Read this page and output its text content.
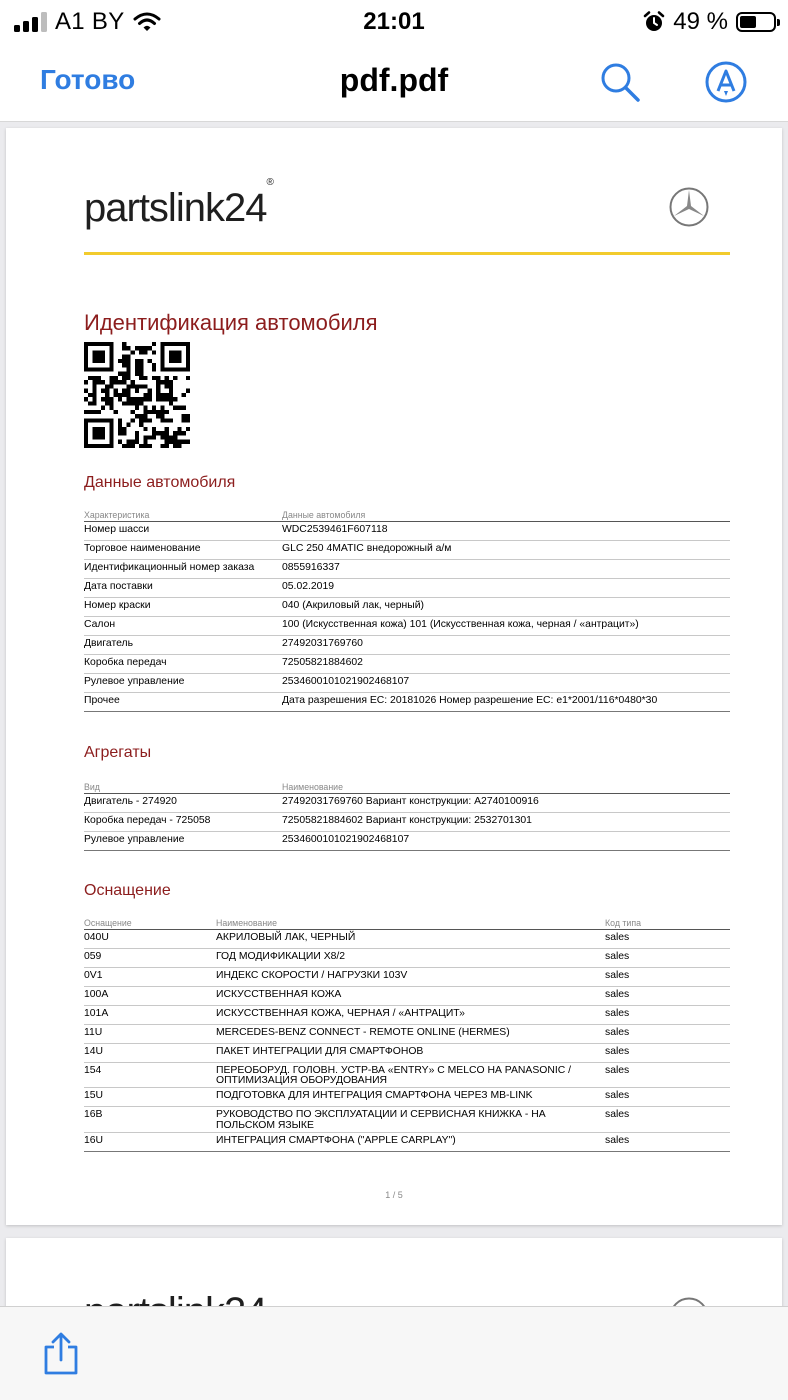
A1 BY	21:01	49 %
Готово	pdf.pdf
partslink24®
Идентификация автомобиля
Данные автомобиля
Характеристика	Данные автомобиля
Номер шасси	WDC2539461F607118
Торговое наименование	GLC 250 4MATIC внедорожный а/м
Идентификационный номер заказа	0855916337
Дата поставки	05.02.2019
Номер краски	040 (Акриловый лак, черный)
Салон	100 (Искусственная кожа) 101 (Искусственная кожа, черная / «антрацит»)
Двигатель	27492031769760
Коробка передач	72505821884602
Рулевое управление	2534600101021902468107
Прочее	Дата разрешения ЕС: 20181026 Номер разрешение ЕС: e1*2001/116*0480*30
Агрегаты
Вид	Наименование
Двигатель - 274920	27492031769760 Вариант конструкции: A2740100916
Коробка передач - 725058	72505821884602 Вариант конструкции: 2532701301
Рулевое управление	2534600101021902468107
Оснащение
Оснащение	Наименование	Код типа
040U	АКРИЛОВЫЙ ЛАК, ЧЕРНЫЙ	sales
059	ГОД МОДИФИКАЦИИ X8/2	sales
0V1	ИНДЕКС СКОРОСТИ / НАГРУЗКИ 103V	sales
100A	ИСКУССТВЕННАЯ КОЖА	sales
101A	ИСКУССТВЕННАЯ КОЖА, ЧЕРНАЯ / «АНТРАЦИТ»	sales
11U	MERCEDES-BENZ CONNECT - REMOTE ONLINE (HERMES)	sales
14U	ПАКЕТ ИНТЕГРАЦИИ ДЛЯ СМАРТФОНОВ	sales
154	ПЕРЕОБОРУД. ГОЛОВН. УСТР-ВА «ENTRY» С MELCO НА PANASONIC / ОПТИМИЗАЦИЯ ОБОРУДОВАНИЯ	sales
15U	ПОДГОТОВКА ДЛЯ ИНТЕГРАЦИЯ СМАРТФОНА ЧЕРЕЗ MB-LINK	sales
16B	РУКОВОДСТВО ПО ЭКСПЛУАТАЦИИ И СЕРВИСНАЯ КНИЖКА - НА ПОЛЬСКОМ ЯЗЫКЕ	sales
16U	ИНТЕГРАЦИЯ СМАРТФОНА ("APPLE CARPLAY")	sales
1 / 5
